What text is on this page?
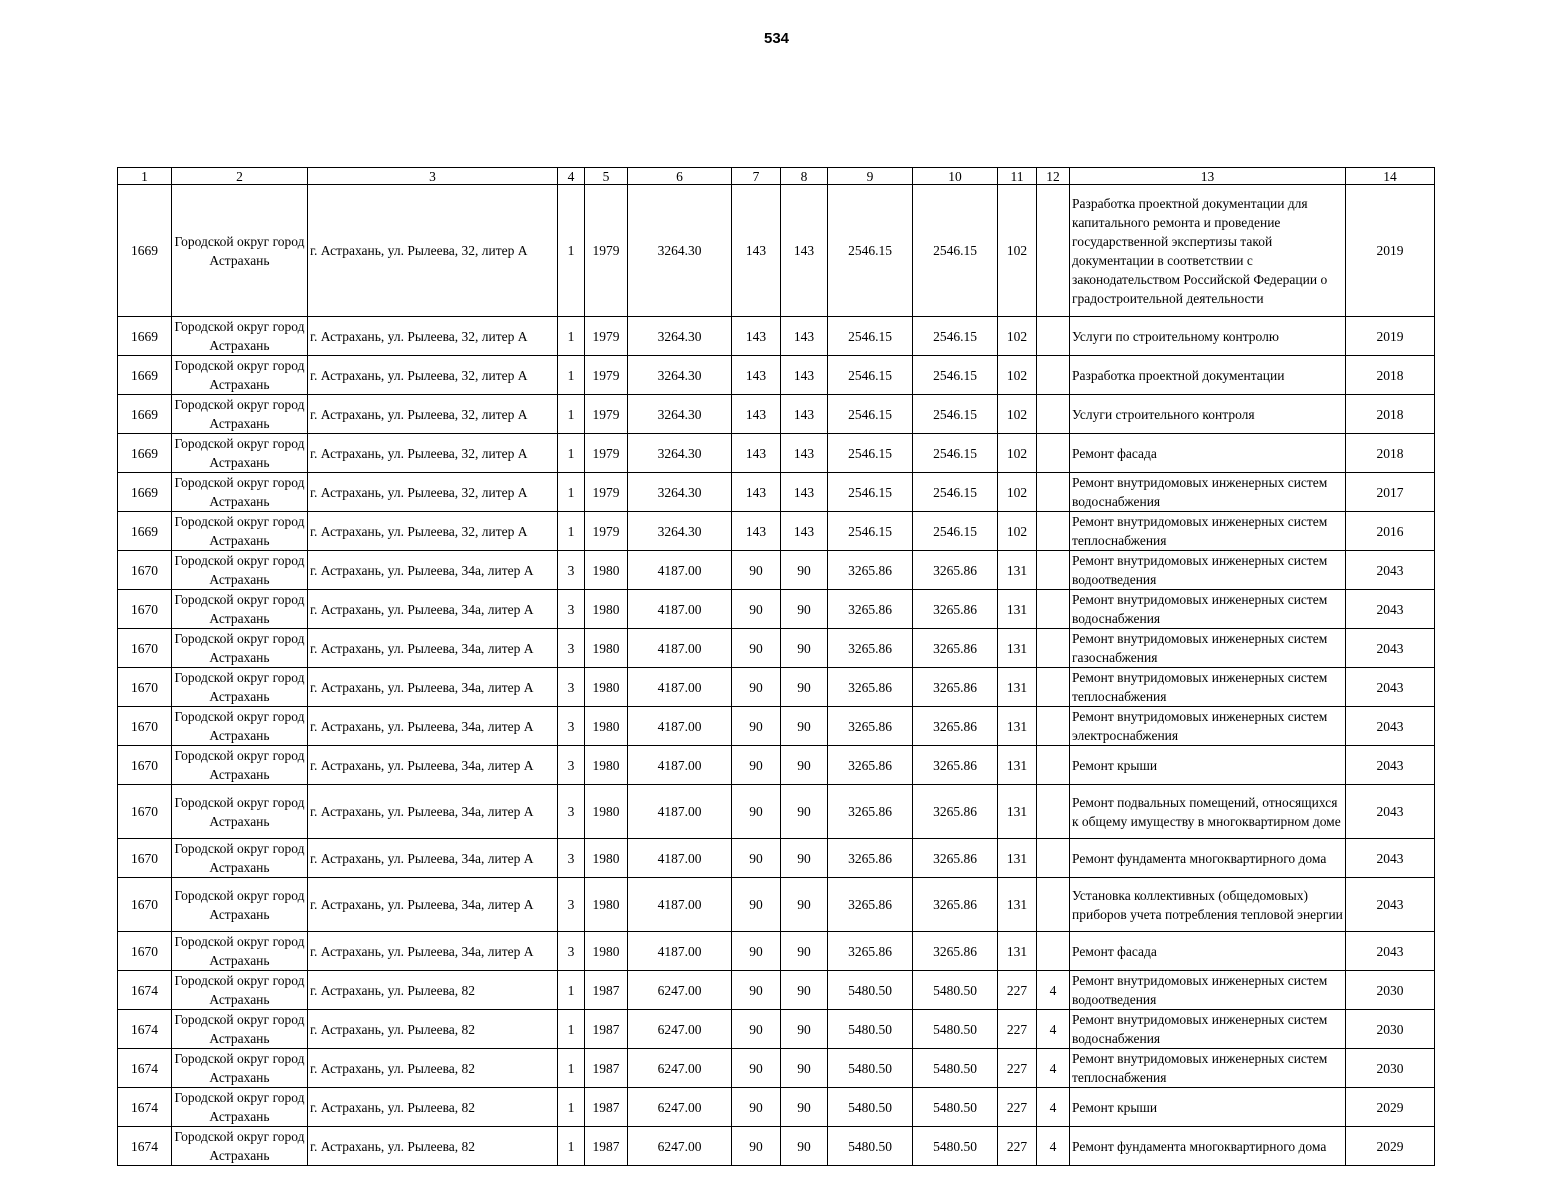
534
1	2	3	4	5	6	7	8	9	10	11	12	13	14
1669	Городской округ город Астрахань	г. Астрахань, ул. Рылеева, 32, литер А	1	1979	3264.30	143	143	2546.15	2546.15	102		Разработка проектной документации для капитального ремонта и проведение государственной экспертизы такой документации в соответствии с законодательством Российской Федерации о градостроительной деятельности	2019
1669	Городской округ город Астрахань	г. Астрахань, ул. Рылеева, 32, литер А	1	1979	3264.30	143	143	2546.15	2546.15	102		Услуги по строительному контролю	2019
1669	Городской округ город Астрахань	г. Астрахань, ул. Рылеева, 32, литер А	1	1979	3264.30	143	143	2546.15	2546.15	102		Разработка проектной документации	2018
1669	Городской округ город Астрахань	г. Астрахань, ул. Рылеева, 32, литер А	1	1979	3264.30	143	143	2546.15	2546.15	102		Услуги строительного контроля	2018
1669	Городской округ город Астрахань	г. Астрахань, ул. Рылеева, 32, литер А	1	1979	3264.30	143	143	2546.15	2546.15	102		Ремонт фасада	2018
1669	Городской округ город Астрахань	г. Астрахань, ул. Рылеева, 32, литер А	1	1979	3264.30	143	143	2546.15	2546.15	102		Ремонт внутридомовых инженерных систем водоснабжения	2017
1669	Городской округ город Астрахань	г. Астрахань, ул. Рылеева, 32, литер А	1	1979	3264.30	143	143	2546.15	2546.15	102		Ремонт внутридомовых инженерных систем теплоснабжения	2016
1670	Городской округ город Астрахань	г. Астрахань, ул. Рылеева, 34а, литер А	3	1980	4187.00	90	90	3265.86	3265.86	131		Ремонт внутридомовых инженерных систем водоотведения	2043
1670	Городской округ город Астрахань	г. Астрахань, ул. Рылеева, 34а, литер А	3	1980	4187.00	90	90	3265.86	3265.86	131		Ремонт внутридомовых инженерных систем водоснабжения	2043
1670	Городской округ город Астрахань	г. Астрахань, ул. Рылеева, 34а, литер А	3	1980	4187.00	90	90	3265.86	3265.86	131		Ремонт внутридомовых инженерных систем газоснабжения	2043
1670	Городской округ город Астрахань	г. Астрахань, ул. Рылеева, 34а, литер А	3	1980	4187.00	90	90	3265.86	3265.86	131		Ремонт внутридомовых инженерных систем теплоснабжения	2043
1670	Городской округ город Астрахань	г. Астрахань, ул. Рылеева, 34а, литер А	3	1980	4187.00	90	90	3265.86	3265.86	131		Ремонт внутридомовых инженерных систем электроснабжения	2043
1670	Городской округ город Астрахань	г. Астрахань, ул. Рылеева, 34а, литер А	3	1980	4187.00	90	90	3265.86	3265.86	131		Ремонт крыши	2043
1670	Городской округ город Астрахань	г. Астрахань, ул. Рылеева, 34а, литер А	3	1980	4187.00	90	90	3265.86	3265.86	131		Ремонт подвальных помещений, относящихся к общему имуществу в многоквартирном доме	2043
1670	Городской округ город Астрахань	г. Астрахань, ул. Рылеева, 34а, литер А	3	1980	4187.00	90	90	3265.86	3265.86	131		Ремонт фундамента многоквартирного дома	2043
1670	Городской округ город Астрахань	г. Астрахань, ул. Рылеева, 34а, литер А	3	1980	4187.00	90	90	3265.86	3265.86	131		Установка коллективных (общедомовых) приборов учета потребления тепловой энергии	2043
1670	Городской округ город Астрахань	г. Астрахань, ул. Рылеева, 34а, литер А	3	1980	4187.00	90	90	3265.86	3265.86	131		Ремонт фасада	2043
1674	Городской округ город Астрахань	г. Астрахань, ул. Рылеева, 82	1	1987	6247.00	90	90	5480.50	5480.50	227	4	Ремонт внутридомовых инженерных систем водоотведения	2030
1674	Городской округ город Астрахань	г. Астрахань, ул. Рылеева, 82	1	1987	6247.00	90	90	5480.50	5480.50	227	4	Ремонт внутридомовых инженерных систем водоснабжения	2030
1674	Городской округ город Астрахань	г. Астрахань, ул. Рылеева, 82	1	1987	6247.00	90	90	5480.50	5480.50	227	4	Ремонт внутридомовых инженерных систем теплоснабжения	2030
1674	Городской округ город Астрахань	г. Астрахань, ул. Рылеева, 82	1	1987	6247.00	90	90	5480.50	5480.50	227	4	Ремонт крыши	2029
1674	Городской округ город Астрахань	г. Астрахань, ул. Рылеева, 82	1	1987	6247.00	90	90	5480.50	5480.50	227	4	Ремонт фундамента многоквартирного дома	2029
